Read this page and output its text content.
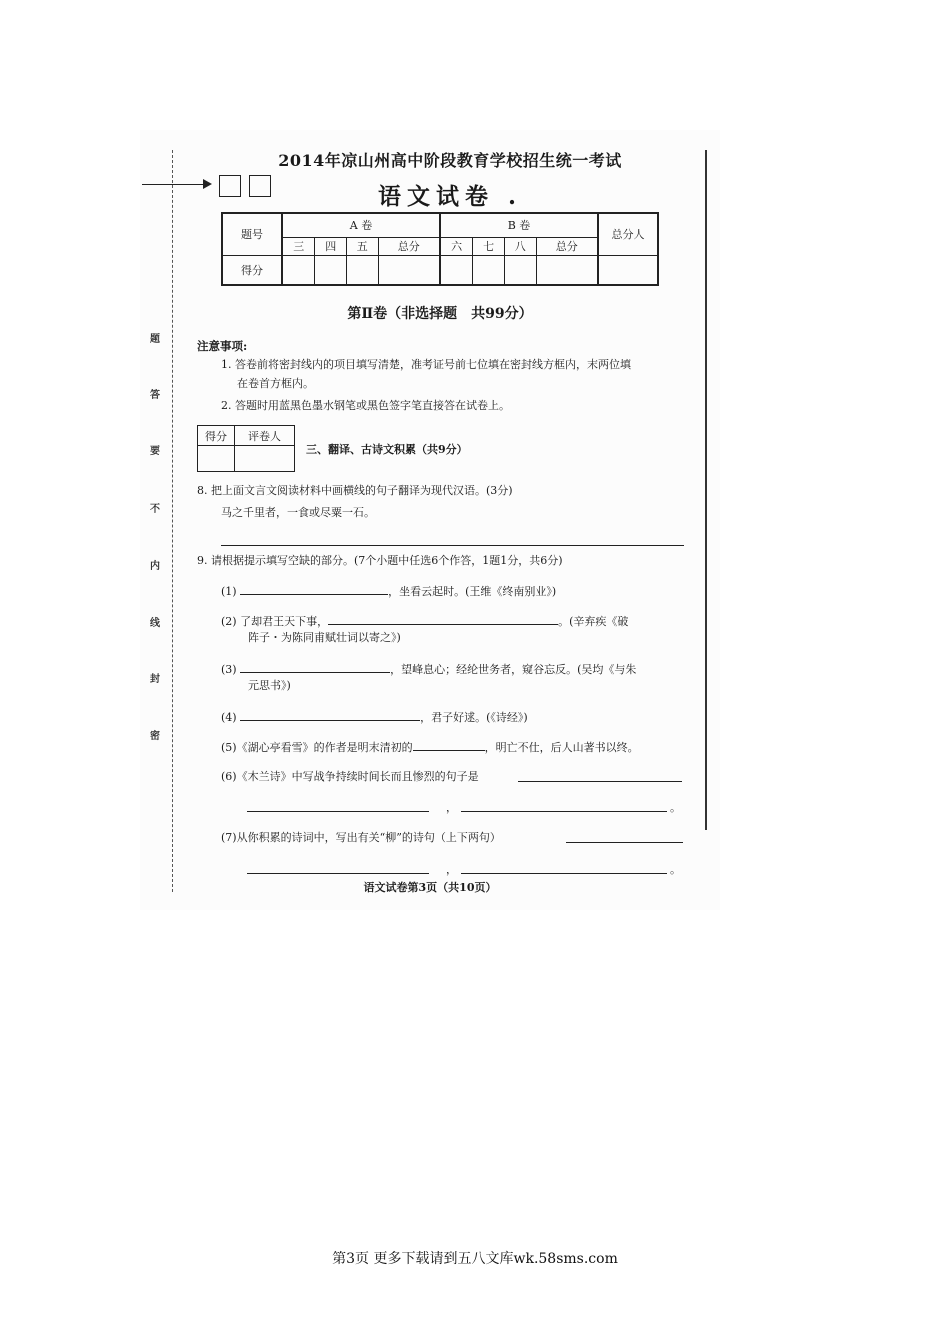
题
答
要
不
内
线
封
密
2014年凉山州高中阶段教育学校招生统一考试
语文试卷 .
题号	A 卷				B 卷				总分人
	三	四	五	总分	六	七	八	总分	
得分									
第Ⅱ卷（非选择题　共99分）
注意事项:
1. 答卷前将密封线内的项目填写清楚，准考证号前七位填在密封线方框内，末两位填
在卷首方框内。
2. 答题时用蓝黑色墨水钢笔或黑色签字笔直接答在试卷上。
得分	评卷人

三、翻译、古诗文积累（共9分）
8. 把上面文言文阅读材料中画横线的句子翻译为现代汉语。(3分)
马之千里者，一食或尽粟一石。
9. 请根据提示填写空缺的部分。(7个小题中任选6个作答，1题1分，共6分)
(1)	，坐看云起时。(王维《终南别业》)
(2) 了却君王天下事，	。(辛弃疾《破
阵子・为陈同甫赋壮词以寄之》)
(3)	，望峰息心；经纶世务者，窥谷忘反。(吴均《与朱
元思书》)
(4)	，君子好逑。(《诗经》)
(5)《湖心亭看雪》的作者是明末清初的	，明亡不仕，后人山著书以终。
(6)《木兰诗》中写战争持续时间长而且惨烈的句子是
，	。
(7)从你积累的诗词中，写出有关“柳”的诗句（上下两句）
，	。
语文试卷第3页（共10页）
第3页 更多下载请到五八文库wk.58sms.com
